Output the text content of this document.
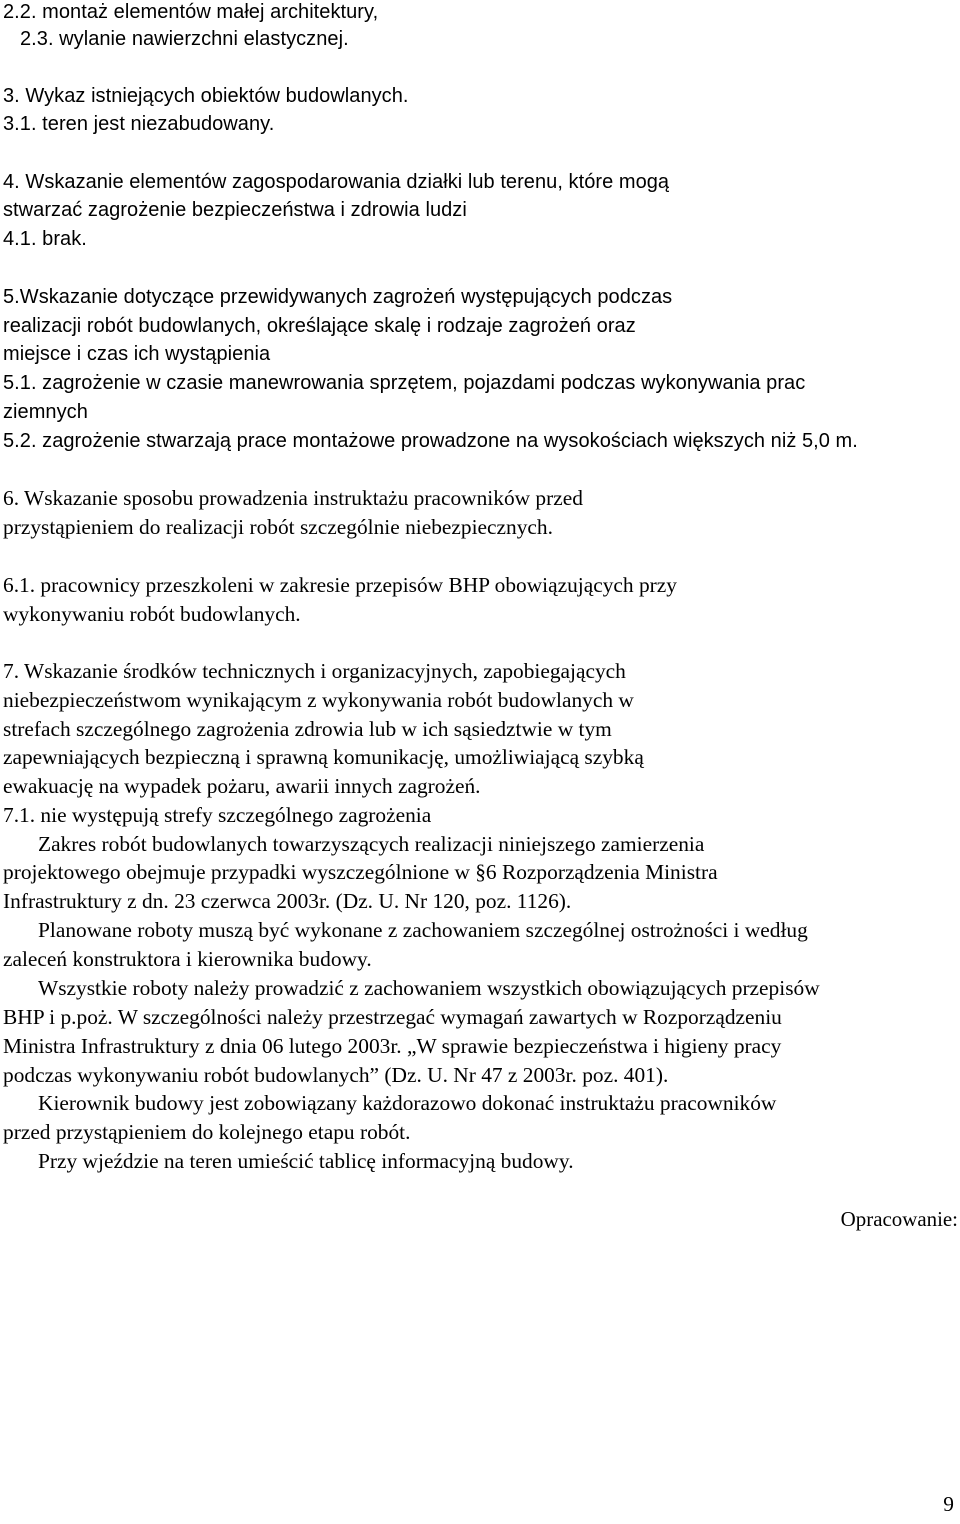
2.2. montaż elementów małej architektury,

2.3. wylanie nawierzchni elastycznej.

3. Wykaz istniejących obiektów budowlanych.

3.1. teren jest niezabudowany.

4. Wskazanie elementów zagospodarowania działki lub terenu, które mogą

stwarzać zagrożenie bezpieczeństwa i zdrowia ludzi

4.1. brak.

5.Wskazanie dotyczące przewidywanych zagrożeń występujących podczas

realizacji robót budowlanych, określające skalę i rodzaje zagrożeń oraz

miejsce i czas ich wystąpienia

5.1. zagrożenie w czasie manewrowania sprzętem, pojazdami podczas wykonywania prac

ziemnych

5.2. zagrożenie stwarzają prace montażowe prowadzone na wysokościach większych niż 5,0 m.

6. Wskazanie sposobu prowadzenia instruktażu pracowników przed

przystąpieniem do realizacji robót szczególnie niebezpiecznych.

6.1. pracownicy przeszkoleni w zakresie przepisów BHP obowiązujących przy

wykonywaniu robót budowlanych.

7. Wskazanie środków technicznych i organizacyjnych, zapobiegających

niebezpieczeństwom wynikającym z wykonywania robót budowlanych w

strefach szczególnego zagrożenia zdrowia lub w ich sąsiedztwie w tym

zapewniających bezpieczną i sprawną komunikację, umożliwiającą szybką

ewakuację na wypadek pożaru, awarii innych zagrożeń.

7.1. nie występują strefy szczególnego zagrożenia

Zakres robót budowlanych towarzyszących realizacji niniejszego zamierzenia

projektowego obejmuje przypadki wyszczególnione w §6 Rozporządzenia Ministra

Infrastruktury z dn. 23 czerwca 2003r. (Dz. U. Nr 120, poz. 1126).

Planowane roboty muszą być wykonane z zachowaniem szczególnej ostrożności i według

zaleceń konstruktora i kierownika budowy.

Wszystkie roboty należy prowadzić z zachowaniem wszystkich obowiązujących przepisów

BHP i p.poż. W szczególności należy przestrzegać wymagań zawartych w Rozporządzeniu

Ministra Infrastruktury z dnia 06 lutego 2003r. „W sprawie bezpieczeństwa i higieny pracy

podczas wykonywaniu robót budowlanych” (Dz. U. Nr 47 z 2003r. poz. 401).

Kierownik budowy jest zobowiązany każdorazowo dokonać instruktażu pracowników

przed przystąpieniem do kolejnego etapu robót.

Przy wjeździe na teren umieścić tablicę informacyjną budowy.

Opracowanie:

9
